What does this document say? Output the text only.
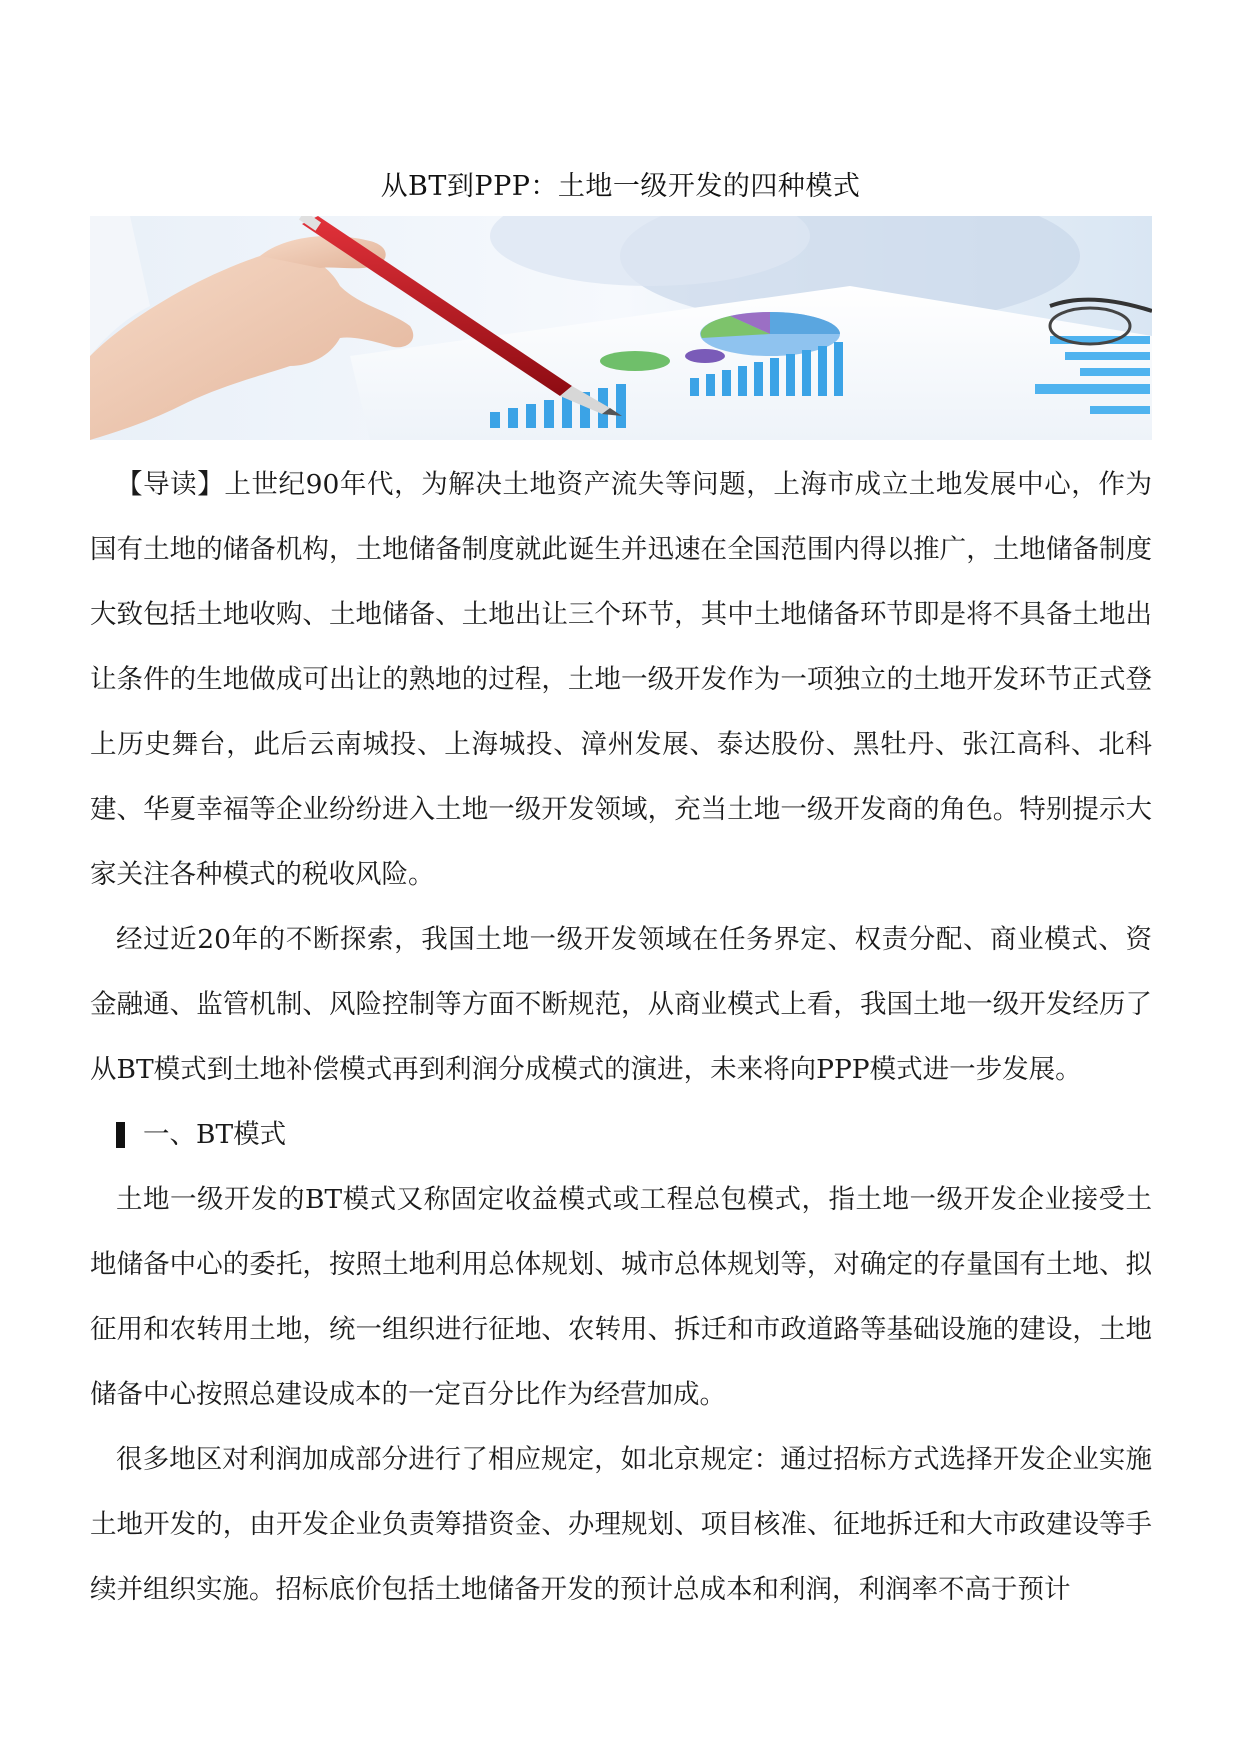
从BT到PPP：土地一级开发的四种模式

【导读】上世纪90年代，为解决土地资产流失等问题，上海市成立土地发展中心，作为国有土地的储备机构，土地储备制度就此诞生并迅速在全国范围内得以推广，土地储备制度大致包括土地收购、土地储备、土地出让三个环节，其中土地储备环节即是将不具备土地出让条件的生地做成可出让的熟地的过程，土地一级开发作为一项独立的土地开发环节正式登上历史舞台，此后云南城投、上海城投、漳州发展、泰达股份、黑牡丹、张江高科、北科建、华夏幸福等企业纷纷进入土地一级开发领域，充当土地一级开发商的角色。特别提示大家关注各种模式的税收风险。

经过近20年的不断探索，我国土地一级开发领域在任务界定、权责分配、商业模式、资金融通、监管机制、风险控制等方面不断规范，从商业模式上看，我国土地一级开发经历了从BT模式到土地补偿模式再到利润分成模式的演进，未来将向PPP模式进一步发展。

一、BT模式

土地一级开发的BT模式又称固定收益模式或工程总包模式，指土地一级开发企业接受土地储备中心的委托，按照土地利用总体规划、城市总体规划等，对确定的存量国有土地、拟征用和农转用土地，统一组织进行征地、农转用、拆迁和市政道路等基础设施的建设，土地储备中心按照总建设成本的一定百分比作为经营加成。

很多地区对利润加成部分进行了相应规定，如北京规定：通过招标方式选择开发企业实施土地开发的，由开发企业负责筹措资金、办理规划、项目核准、征地拆迁和大市政建设等手续并组织实施。招标底价包括土地储备开发的预计总成本和利润，利润率不高于预计
